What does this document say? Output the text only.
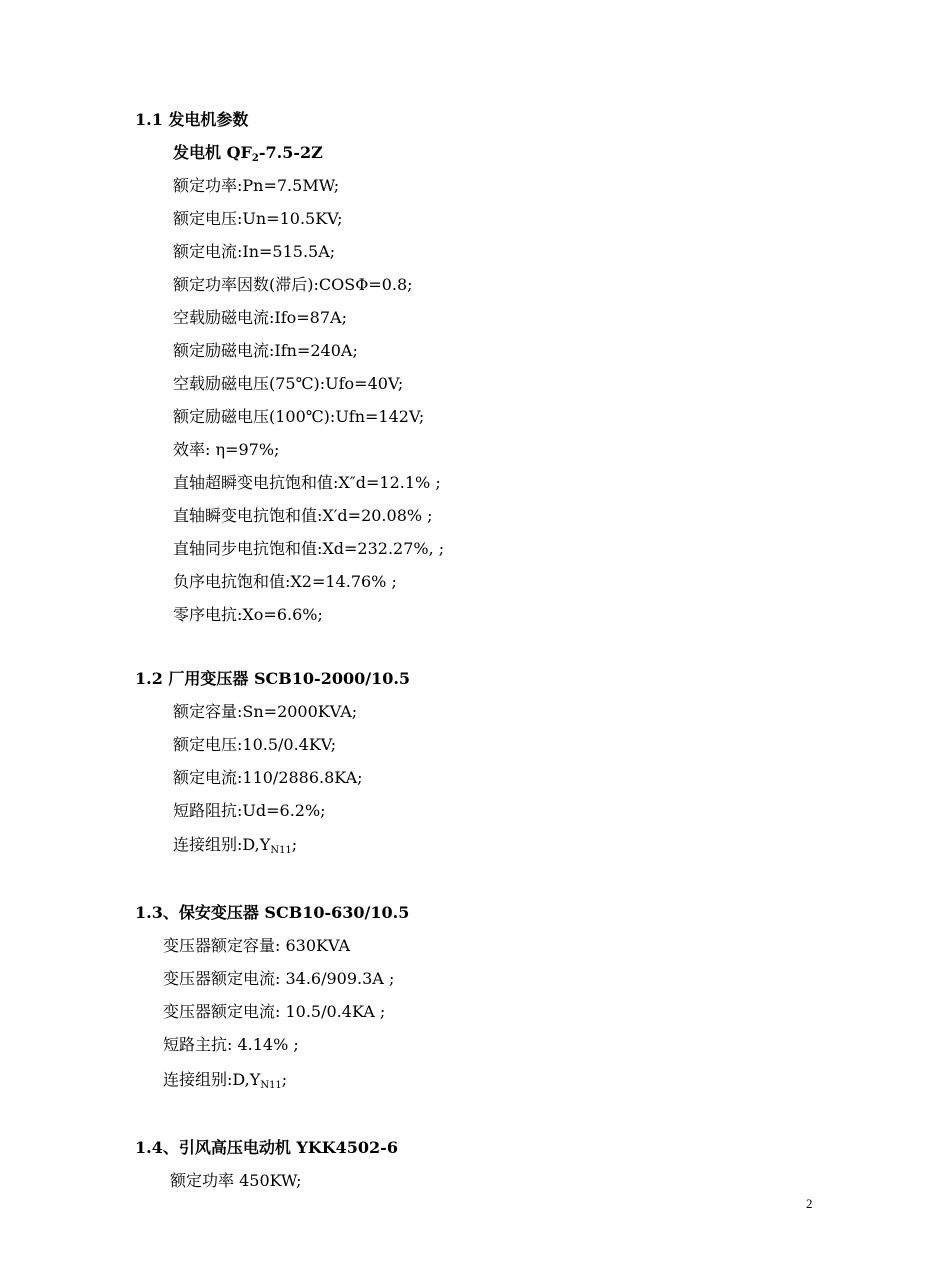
1.1 发电机参数
发电机 $QF_2-7.5-2Z$
额定功率:Pn=7.5MW;
额定电压:Un=10.5KV;
额定电流:In=515.5A;
额定功率因数(滞后):COSΦ=0.8;
空载励磁电流:Ifo=87A;
额定励磁电流:Ifn=240A;
空载励磁电压(75℃):Ufo=40V;
额定励磁电压(100℃):Ufn=142V;
效率: η=97%;
直轴超瞬变电抗饱和值:X″d=12.1% ;
直轴瞬变电抗饱和值:X′d=20.08% ;
直轴同步电抗饱和值:Xd=232.27%, ;
负序电抗饱和值:X2=14.76% ;
零序电抗:Xo=6.6%;
1.2 厂用变压器 SCB10-2000/10.5
额定容量:Sn=2000KVA;
额定电压:10.5/0.4KV;
额定电流:110/2886.8KA;
短路阻抗:Ud=6.2%;
连接组别$:D,Y_{N11}$;
1.3、保安变压器 SCB10-630/10.5
变压器额定容量: 630KVA
变压器额定电流: 34.6/909.3A ;
变压器额定电流: 10.5/0.4KA ;
短路主抗: 4.14% ;
连接组别$:D,Y_{N11}$;
1.4、引风高压电动机 YKK4502-6
额定功率 450KW;
2
